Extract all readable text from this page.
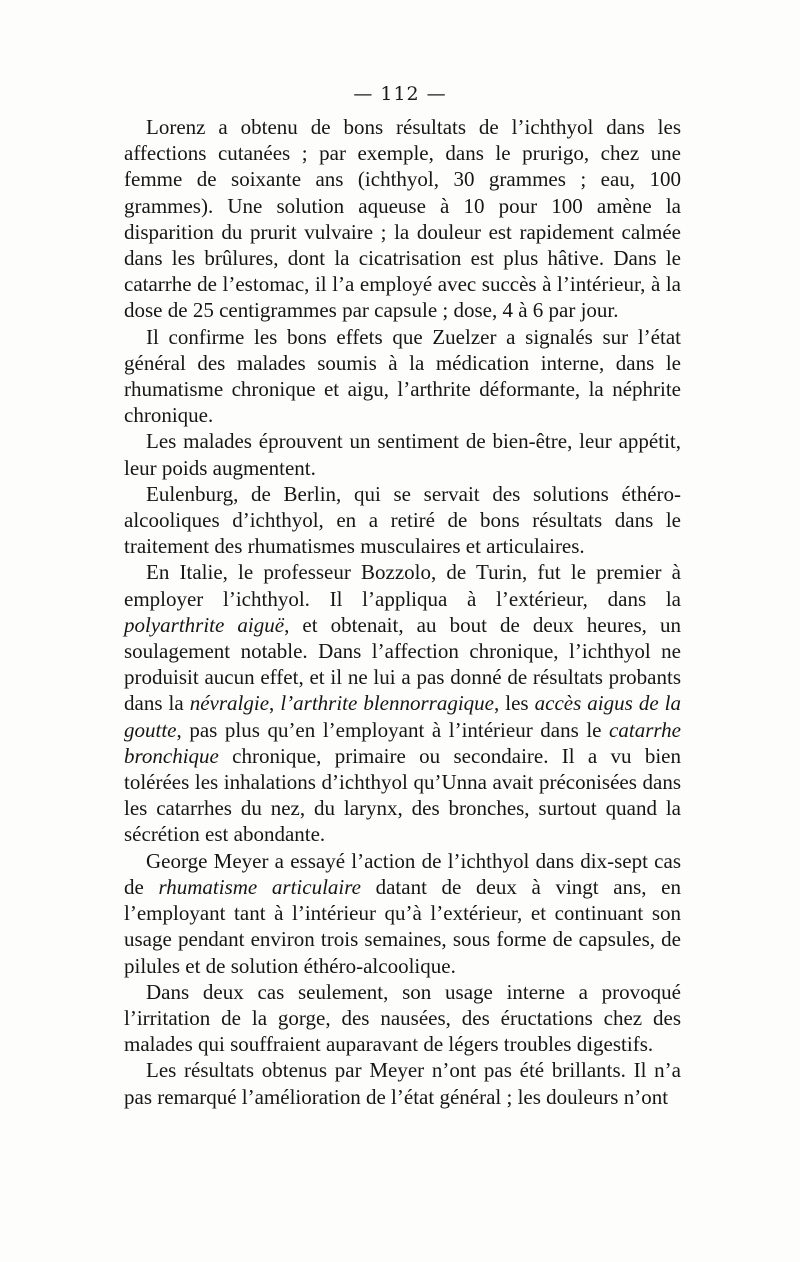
— 112 —

Lorenz a obtenu de bons résultats de l’ichthyol dans les affections cutanées ; par exemple, dans le prurigo, chez une femme de soixante ans (ichthyol, 30 grammes ; eau, 100 grammes). Une solution aqueuse à 10 pour 100 amène la disparition du prurit vulvaire ; la douleur est rapidement calmée dans les brûlures, dont la cicatrisation est plus hâtive. Dans le catarrhe de l’estomac, il l’a employé avec succès à l’intérieur, à la dose de 25 centigrammes par capsule ; dose, 4 à 6 par jour.

Il confirme les bons effets que Zuelzer a signalés sur l’état général des malades soumis à la médication interne, dans le rhumatisme chronique et aigu, l’arthrite déformante, la néphrite chronique.

Les malades éprouvent un sentiment de bien-être, leur appétit, leur poids augmentent.

Eulenburg, de Berlin, qui se servait des solutions éthéro-alcooliques d’ichthyol, en a retiré de bons résultats dans le traitement des rhumatismes musculaires et articulaires.

En Italie, le professeur Bozzolo, de Turin, fut le premier à employer l’ichthyol. Il l’appliqua à l’extérieur, dans la polyarthrite aiguë, et obtenait, au bout de deux heures, un soulagement notable. Dans l’affection chronique, l’ichthyol ne produisit aucun effet, et il ne lui a pas donné de résultats probants dans la névralgie, l’arthrite blennorragique, les accès aigus de la goutte, pas plus qu’en l’employant à l’intérieur dans le catarrhe bronchique chronique, primaire ou secondaire. Il a vu bien tolérées les inhalations d’ichthyol qu’Unna avait préconisées dans les catarrhes du nez, du larynx, des bronches, surtout quand la sécrétion est abondante.

George Meyer a essayé l’action de l’ichthyol dans dix-sept cas de rhumatisme articulaire datant de deux à vingt ans, en l’employant tant à l’intérieur qu’à l’extérieur, et continuant son usage pendant environ trois semaines, sous forme de capsules, de pilules et de solution éthéro-alcoolique.

Dans deux cas seulement, son usage interne a provoqué l’irritation de la gorge, des nausées, des éructations chez des malades qui souffraient auparavant de légers troubles digestifs.

Les résultats obtenus par Meyer n’ont pas été brillants. Il n’a pas remarqué l’amélioration de l’état général ; les douleurs n’ont
